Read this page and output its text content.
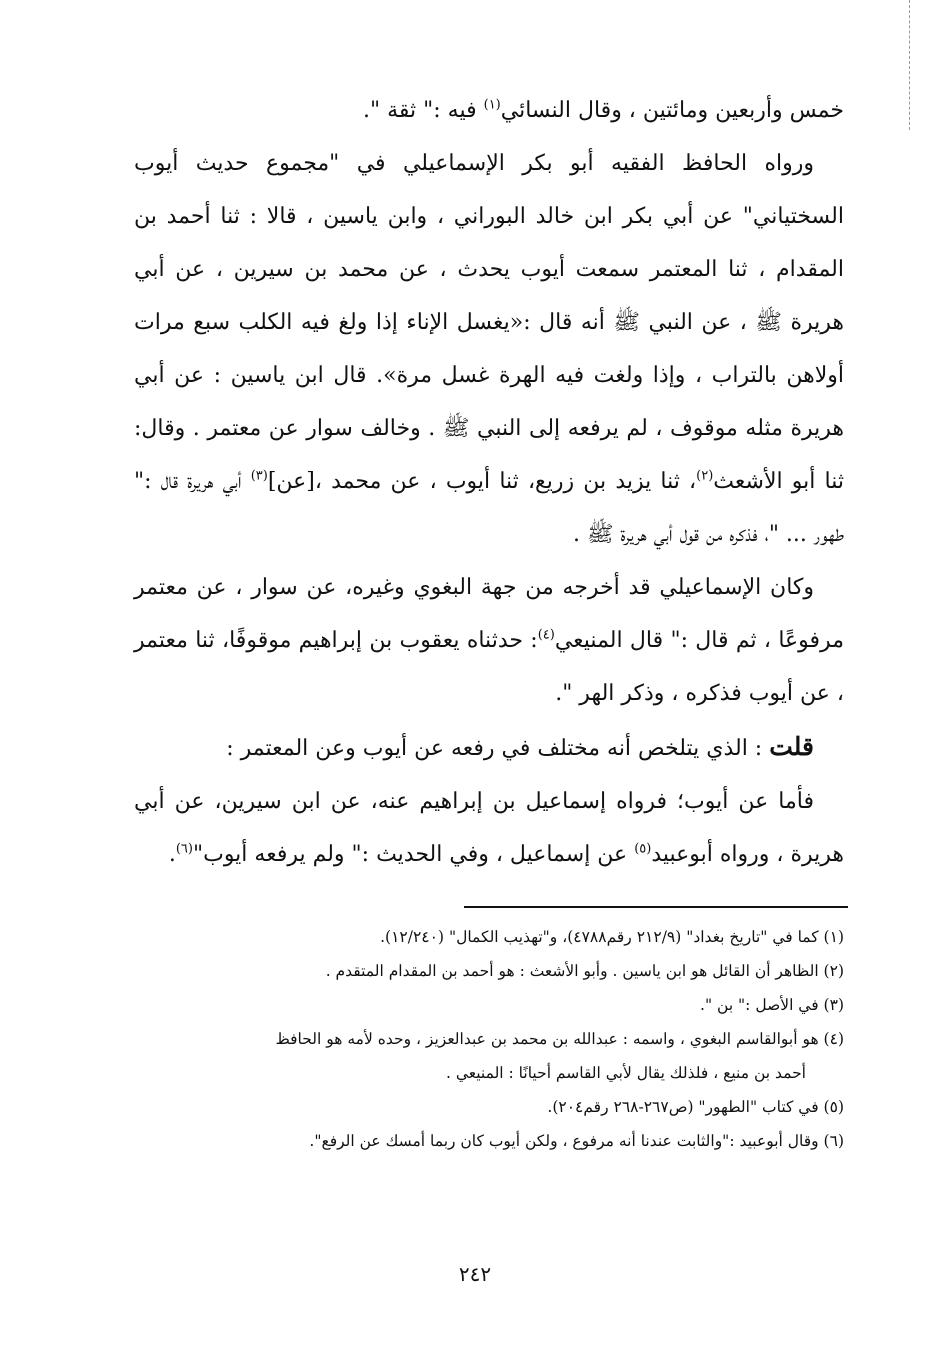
خمس وأربعين ومائتين ، وقال النسائي$^{(١)}$ فيه :" ثقة ".

ورواه الحافظ الفقيه أبو بكر الإسماعيلي في "مجموع حديث أيوب السختياني" عن أبي بكر ابن خالد البوراني ، وابن ياسين ، قالا : ثنا أحمد بن المقدام ، ثنا المعتمر سمعت أيوب يحدث ، عن محمد بن سيرين ، عن أبي هريرة ﷺ ، عن النبي ﷺ أنه قال :«يغسل الإناء إذا ولغ فيه الكلب سبع مرات أولاهن بالتراب ، وإذا ولغت فيه الهرة غسل مرة». قال ابن ياسين : عن أبي هريرة مثله موقوف ، لم يرفعه إلى النبي ﷺ . وخالف سوار عن معتمر . وقال: ثنا أبو الأشعث$^{(٢)}$، ثنا يزيد بن زريع، ثنا أيوب ، عن محمد ،[عن]$^{(٣)}$ أبي هريرة قال :" طهور ... "، فذكره من قول أبي هريرة ﷺ .

وكان الإسماعيلي قد أخرجه من جهة البغوي وغيره، عن سوار ، عن معتمر مرفوعًا ، ثم قال :" قال المنيعي$^{(٤)}$: حدثناه يعقوب بن إبراهيم موقوفًا، ثنا معتمر ، عن أيوب فذكره ، وذكر الهر ".

قلت : الذي يتلخص أنه مختلف في رفعه عن أيوب وعن المعتمر :

فأما عن أيوب؛ فرواه إسماعيل بن إبراهيم عنه، عن ابن سيرين، عن أبي هريرة ، ورواه أبوعبيد$^{(٥)}$ عن إسماعيل ، وفي الحديث :" ولم يرفعه أيوب"$^{(٦)}$.

(١) كما في "تاريخ بغداد" (٢١٢/٩ رقم٤٧٨٨)، و"تهذيب الكمال" (١٢/٢٤٠).

(٢) الظاهر أن القائل هو ابن ياسين . وأبو الأشعث : هو أحمد بن المقدام المتقدم .

(٣) في الأصل :" بن ".

(٤) هو أبوالقاسم البغوي ، واسمه : عبدالله بن محمد بن عبدالعزيز ، وحده لأمه هو الحافظ

أحمد بن منيع ، فلذلك يقال لأبي القاسم أحيانًا : المنيعي .

(٥) في كتاب "الطهور" (ص٢٦٧-٢٦٨ رقم٢٠٤).

(٦) وقال أبوعبيد :"والثابت عندنا أنه مرفوع ، ولكن أيوب كان ربما أمسك عن الرفع".

٢٤٢
